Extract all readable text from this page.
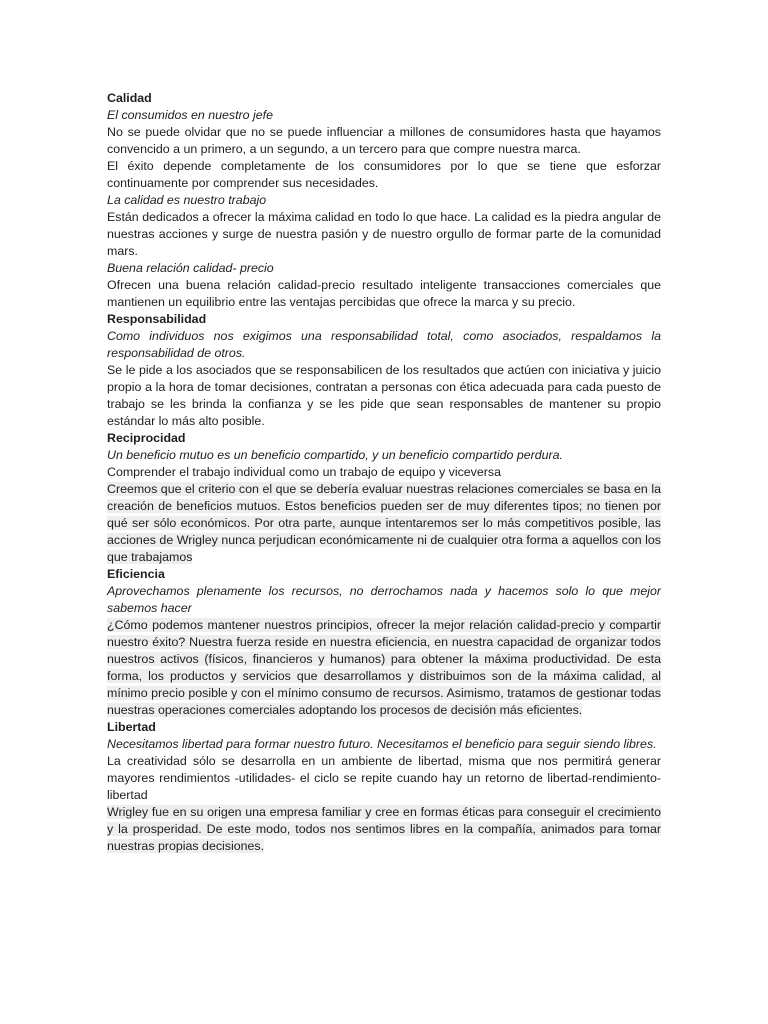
Calidad
El consumidos en nuestro jefe
No se puede olvidar que no se puede influenciar a millones de consumidores hasta que hayamos convencido a un primero, a un segundo, a un tercero para que compre nuestra marca.
El éxito depende completamente de los consumidores por lo que se tiene que esforzar continuamente por comprender sus necesidades.
La calidad es nuestro trabajo
Están dedicados a ofrecer la máxima calidad en todo lo que hace. La calidad es la piedra angular de nuestras acciones y surge de nuestra pasión y de nuestro orgullo de formar parte de la comunidad mars.
Buena relación calidad- precio
Ofrecen una buena relación calidad-precio resultado inteligente transacciones comerciales que mantienen un equilibrio entre las ventajas percibidas que ofrece la marca y su precio.
Responsabilidad
Como individuos nos exigimos una responsabilidad total, como asociados, respaldamos la responsabilidad de otros.
Se le pide a los asociados que se responsabilicen de los resultados que actúen con iniciativa y juicio propio a la hora de tomar decisiones, contratan a personas con ética adecuada para cada puesto de trabajo se les brinda la confianza y se les pide que sean responsables de mantener su propio estándar lo más alto posible.
Reciprocidad
Un beneficio mutuo es un beneficio compartido, y un beneficio compartido perdura.
Comprender el trabajo individual como un trabajo de equipo y viceversa
Creemos que el criterio con el que se debería evaluar nuestras relaciones comerciales se basa en la creación de beneficios mutuos. Estos beneficios pueden ser de muy diferentes tipos; no tienen por qué ser sólo económicos. Por otra parte, aunque intentaremos ser lo más competitivos posible, las acciones de Wrigley nunca perjudican económicamente ni de cualquier otra forma a aquellos con los que trabajamos
Eficiencia
Aprovechamos plenamente los recursos, no derrochamos nada y hacemos solo lo que mejor sabemos hacer
¿Cómo podemos mantener nuestros principios, ofrecer la mejor relación calidad-precio y compartir nuestro éxito? Nuestra fuerza reside en nuestra eficiencia, en nuestra capacidad de organizar todos nuestros activos (físicos, financieros y humanos) para obtener la máxima productividad. De esta forma, los productos y servicios que desarrollamos y distribuimos son de la máxima calidad, al mínimo precio posible y con el mínimo consumo de recursos. Asimismo, tratamos de gestionar todas nuestras operaciones comerciales adoptando los procesos de decisión más eficientes.
Libertad
Necesitamos libertad para formar nuestro futuro. Necesitamos el beneficio para seguir siendo libres.
La creatividad sólo se desarrolla en un ambiente de libertad, misma que nos permitirá generar mayores rendimientos -utilidades- el ciclo se repite cuando hay un retorno de libertad-rendimiento-libertad
Wrigley fue en su origen una empresa familiar y cree en formas éticas para conseguir el crecimiento y la prosperidad. De este modo, todos nos sentimos libres en la compañía, animados para tomar nuestras propias decisiones.
